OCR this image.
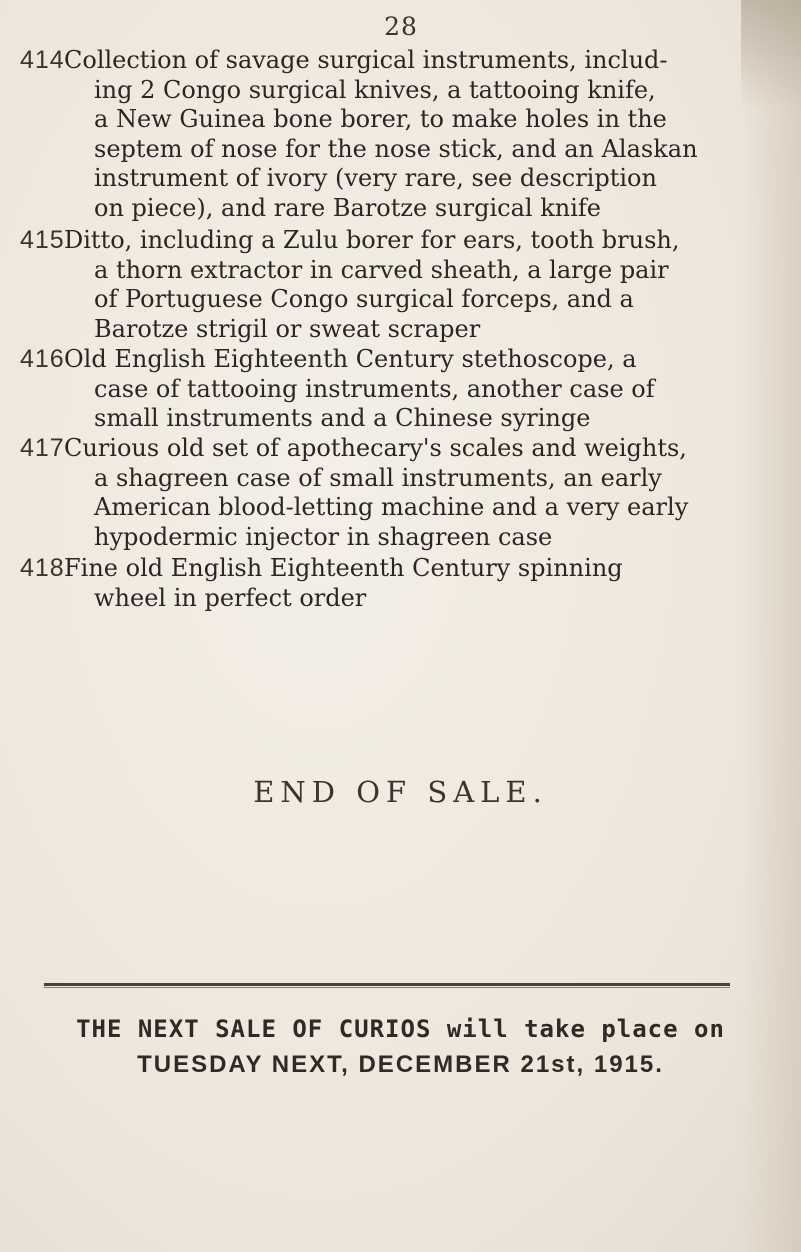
28
414 Collection of savage surgical instruments, includ-
ing 2 Congo surgical knives, a tattooing knife,
a New Guinea bone borer, to make holes in the
septem of nose for the nose stick, and an Alaskan
instrument of ivory (very rare, see description
on piece), and rare Barotze surgical knife
415 Ditto, including a Zulu borer for ears, tooth brush,
a thorn extractor in carved sheath, a large pair
of Portuguese Congo surgical forceps, and a
Barotze strigil or sweat scraper
416 Old English Eighteenth Century stethoscope, a
case of tattooing instruments, another case of
small instruments and a Chinese syringe
417 Curious old set of apothecary's scales and weights,
a shagreen case of small instruments, an early
American blood-letting machine and a very early
hypodermic injector in shagreen case
418 Fine old English Eighteenth Century spinning
wheel in perfect order
END OF SALE.
THE NEXT SALE OF CURIOS will take place on
TUESDAY NEXT, DECEMBER 21st, 1915.
